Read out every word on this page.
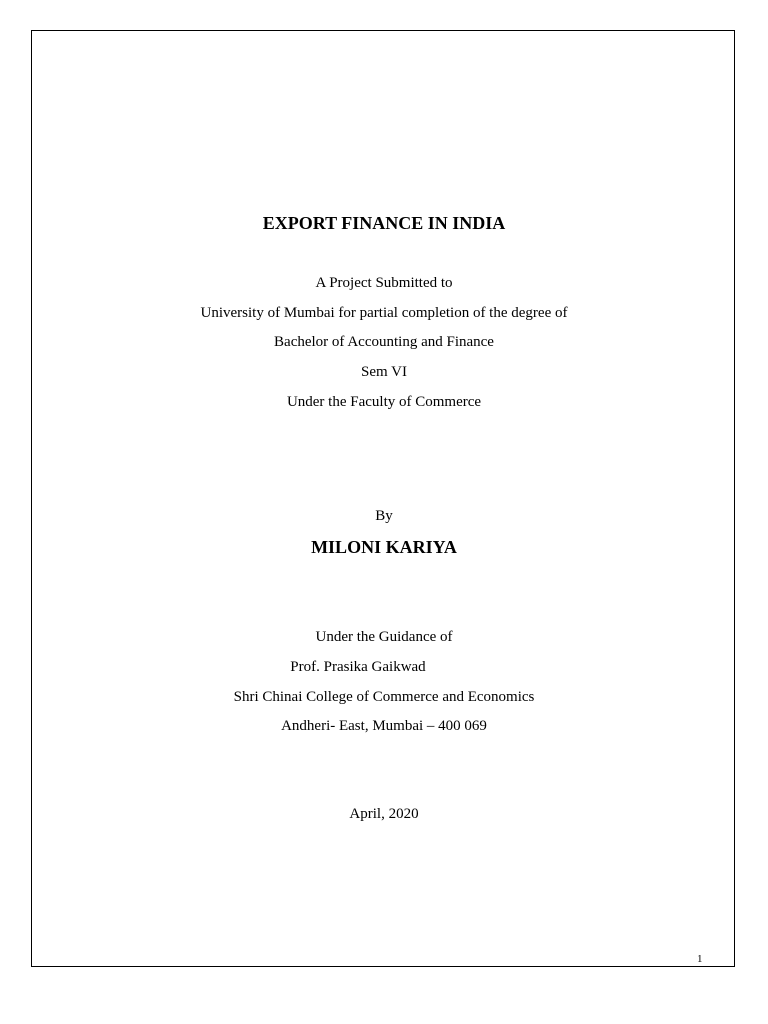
EXPORT FINANCE IN INDIA
A Project Submitted to
University of Mumbai for partial completion of the degree of
Bachelor of Accounting and Finance
Sem VI
Under the Faculty of Commerce
By
MILONI KARIYA
Under the Guidance of
Prof. Prasika Gaikwad
Shri Chinai College of Commerce and Economics
Andheri- East, Mumbai – 400 069
April, 2020
1
